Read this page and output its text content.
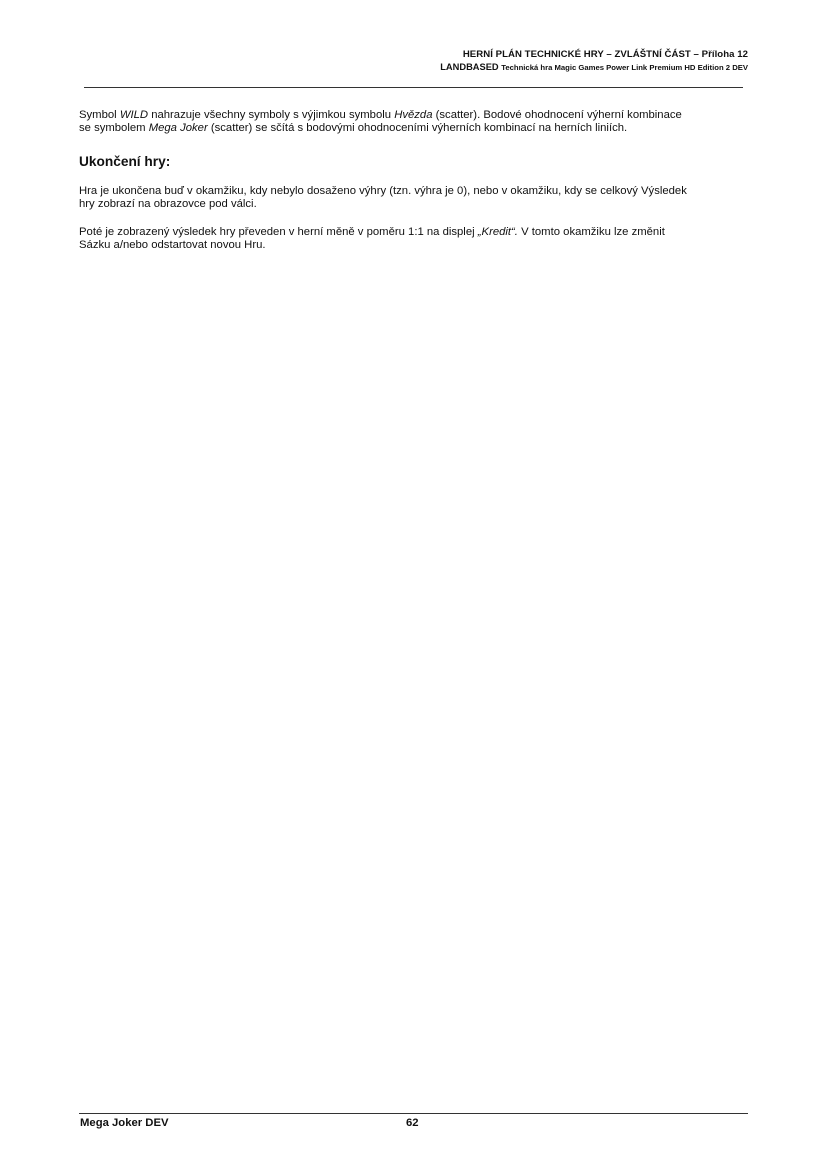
HERNÍ PLÁN TECHNICKÉ HRY – ZVLÁŠTNÍ ČÁST – Příloha 12
LANDBASED Technická hra Magic Games Power Link Premium HD Edition 2 DEV

Symbol WILD nahrazuje všechny symboly s výjimkou symbolu Hvězda (scatter). Bodové ohodnocení výherní kombinace
se symbolem Mega Joker (scatter) se sčítá s bodovými ohodnoceními výherních kombinací na herních liniích.

Ukončení hry:

Hra je ukončena buď v okamžiku, kdy nebylo dosaženo výhry (tzn. výhra je 0), nebo v okamžiku, kdy se celkový Výsledek
hry zobrazí na obrazovce pod válci.

Poté je zobrazený výsledek hry převeden v herní měně v poměru 1:1 na displej „Kredit“. V tomto okamžiku lze změnit
Sázku a/nebo odstartovat novou Hru.

Mega Joker DEV	62
